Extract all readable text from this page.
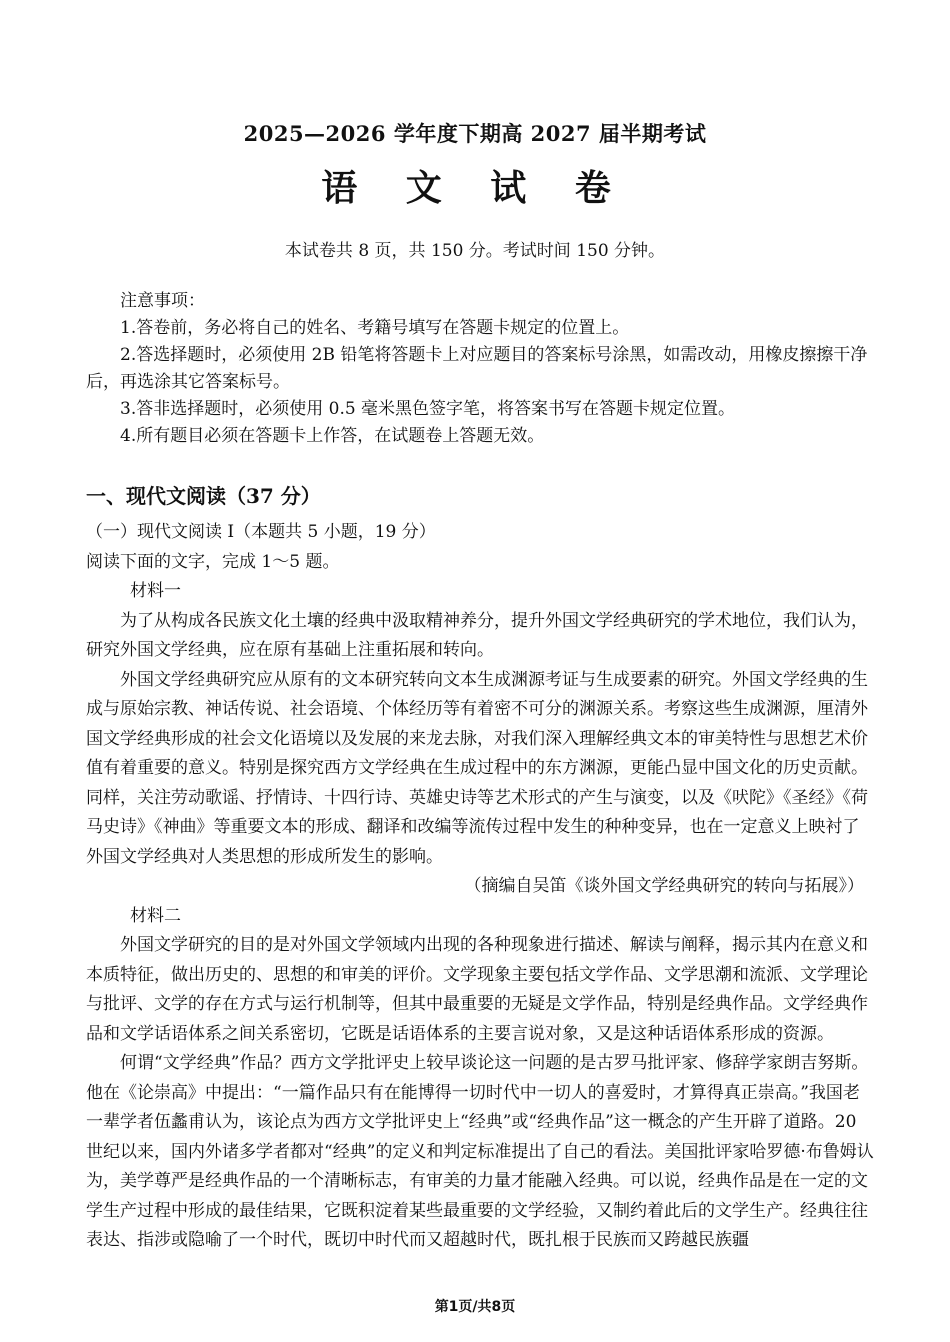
2025—2026 学年度下期高 2027 届半期考试
语 文 试 卷
本试卷共 8 页，共 150 分。考试时间 150 分钟。
注意事项：
1.答卷前，务必将自己的姓名、考籍号填写在答题卡规定的位置上。
2.答选择题时，必须使用 2B 铅笔将答题卡上对应题目的答案标号涂黑，如需改动，用橡皮擦擦干净后，再选涂其它答案标号。
3.答非选择题时，必须使用 0.5 毫米黑色签字笔，将答案书写在答题卡规定位置。
4.所有题目必须在答题卡上作答，在试题卷上答题无效。
一、现代文阅读（37 分）

（一）现代文阅读 I（本题共 5 小题，19 分）

阅读下面的文字，完成 1～5 题。

材料一

为了从构成各民族文化土壤的经典中汲取精神养分，提升外国文学经典研究的学术地位，我们认为，研究外国文学经典，应在原有基础上注重拓展和转向。

外国文学经典研究应从原有的文本研究转向文本生成渊源考证与生成要素的研究。外国文学经典的生成与原始宗教、神话传说、社会语境、个体经历等有着密不可分的渊源关系。考察这些生成渊源，厘清外国文学经典形成的社会文化语境以及发展的来龙去脉，对我们深入理解经典文本的审美特性与思想艺术价值有着重要的意义。特别是探究西方文学经典在生成过程中的东方渊源，更能凸显中国文化的历史贡献。同样，关注劳动歌谣、抒情诗、十四行诗、英雄史诗等艺术形式的产生与演变，以及《吠陀》《圣经》《荷马史诗》《神曲》等重要文本的形成、翻译和改编等流传过程中发生的种种变异，也在一定意义上映衬了外国文学经典对人类思想的形成所发生的影响。

（摘编自吴笛《谈外国文学经典研究的转向与拓展》）

材料二

外国文学研究的目的是对外国文学领域内出现的各种现象进行描述、解读与阐释，揭示其内在意义和本质特征，做出历史的、思想的和审美的评价。文学现象主要包括文学作品、文学思潮和流派、文学理论与批评、文学的存在方式与运行机制等，但其中最重要的无疑是文学作品，特别是经典作品。文学经典作品和文学话语体系之间关系密切，它既是话语体系的主要言说对象，又是这种话语体系形成的资源。

何谓“文学经典”作品？西方文学批评史上较早谈论这一问题的是古罗马批评家、修辞学家朗吉努斯。他在《论崇高》中提出：“一篇作品只有在能博得一切时代中一切人的喜爱时，才算得真正崇高。”我国老一辈学者伍蠡甫认为，该论点为西方文学批评史上“经典”或“经典作品”这一概念的产生开辟了道路。20 世纪以来，国内外诸多学者都对“经典”的定义和判定标准提出了自己的看法。美国批评家哈罗德·布鲁姆认为，美学尊严是经典作品的一个清晰标志，有审美的力量才能融入经典。可以说，经典作品是在一定的文学生产过程中形成的最佳结果，它既积淀着某些最重要的文学经验，又制约着此后的文学生产。经典往往表达、指涉或隐喻了一个时代，既切中时代而又超越时代，既扎根于民族而又跨越民族疆

第1页/共8页
